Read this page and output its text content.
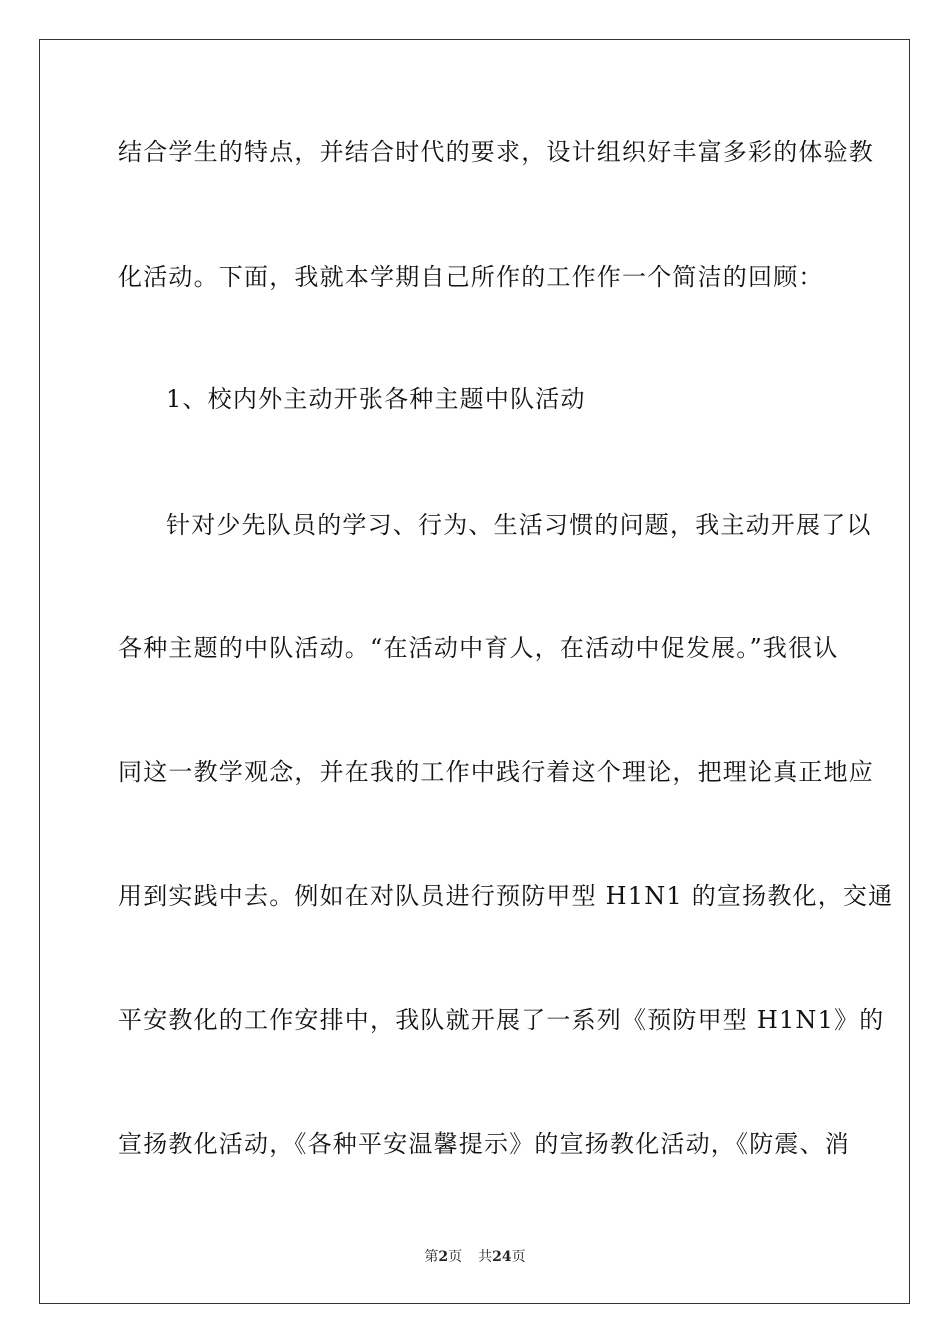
结合学生的特点，并结合时代的要求，设计组织好丰富多彩的体验教
化活动。下面，我就本学期自己所作的工作作一个简洁的回顾：
1、校内外主动开张各种主题中队活动
针对少先队员的学习、行为、生活习惯的问题，我主动开展了以
各种主题的中队活动。“在活动中育人，在活动中促发展。”我很认
同这一教学观念，并在我的工作中践行着这个理论，把理论真正地应
用到实践中去。例如在对队员进行预防甲型 H1N1 的宣扬教化，交通
平安教化的工作安排中，我队就开展了一系列《预防甲型 H1N1》的
宣扬教化活动，《各种平安温馨提示》的宣扬教化活动，《防震、消
第2页 共24页
